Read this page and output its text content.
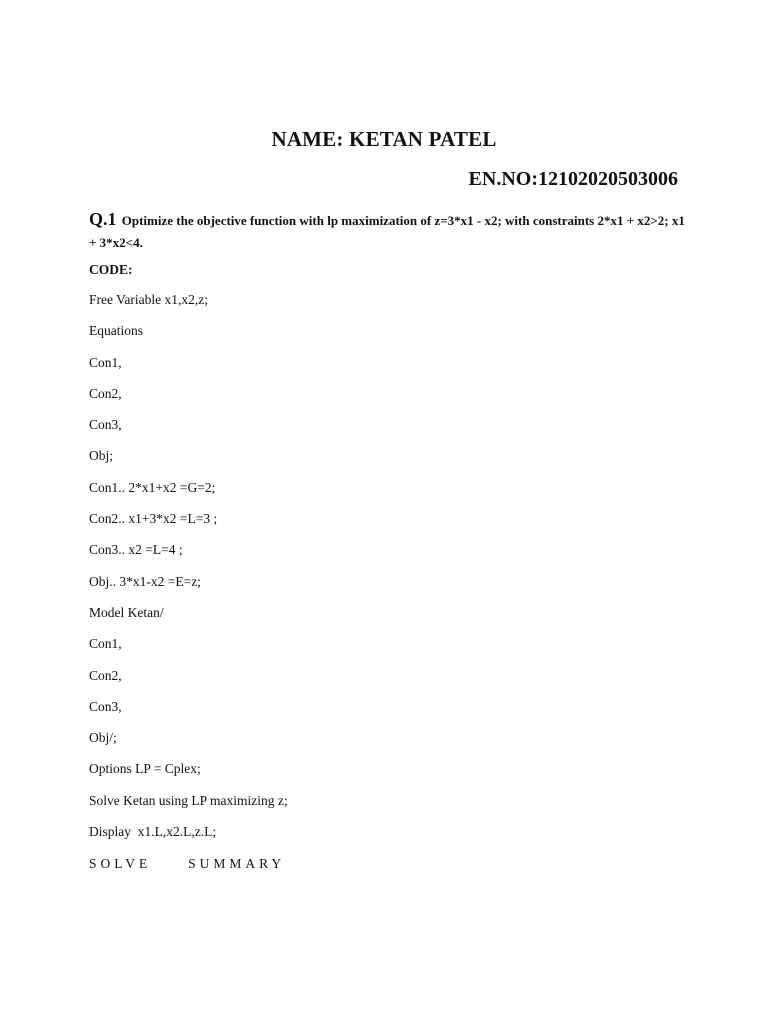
NAME: KETAN PATEL
EN.NO:12102020503006
Q.1 Optimize the objective function with lp maximization of z=3*x1 - x2; with constraints 2*x1 + x2>2; x1 + 3*x2<4.
CODE:
Free Variable x1,x2,z;
Equations
Con1,
Con2,
Con3,
Obj;
Con1.. 2*x1+x2 =G=2;
Con2.. x1+3*x2 =L=3 ;
Con3.. x2 =L=4 ;
Obj.. 3*x1-x2 =E=z;
Model Ketan/
Con1,
Con2,
Con3,
Obj/;
Options LP = Cplex;
Solve Ketan using LP maximizing z;
Display  x1.L,x2.L,z.L;
SOLVE     SUMMARY
